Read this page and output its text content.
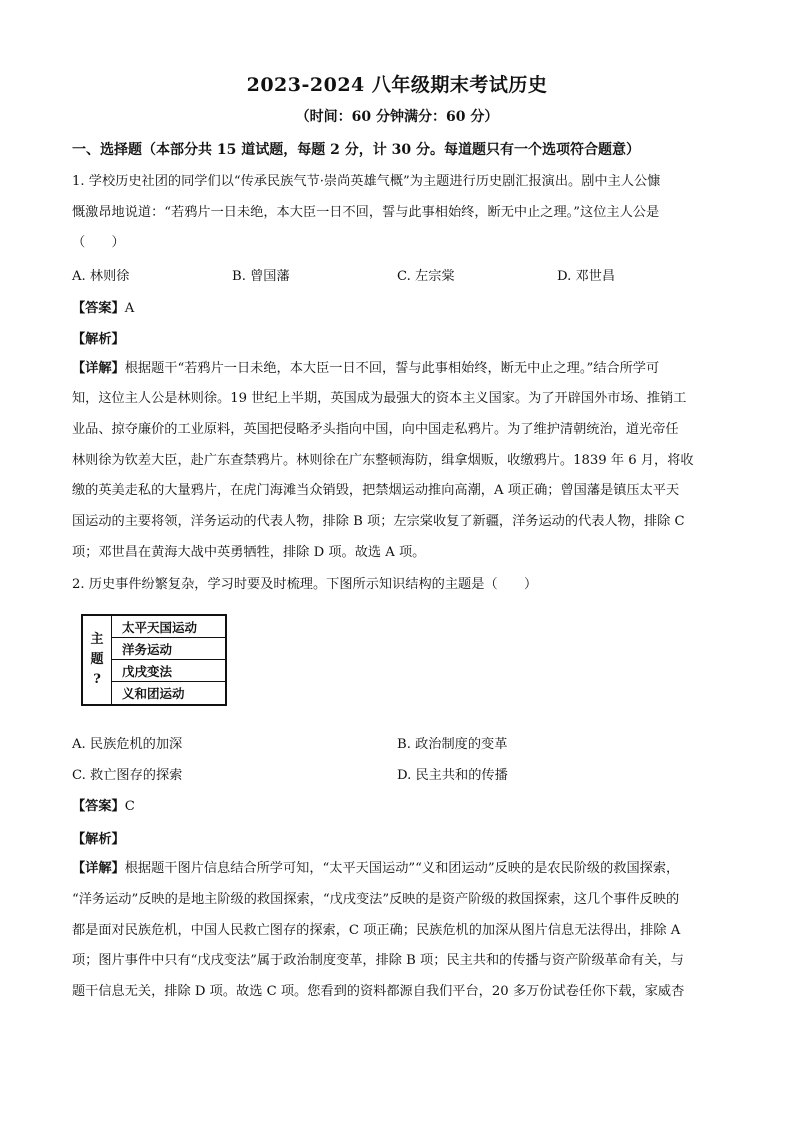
2023-2024 八年级期末考试历史
（时间：60 分钟满分：60 分）
一、选择题（本部分共 15 道试题，每题 2 分，计 30 分。每道题只有一个选项符合题意）
1. 学校历史社团的同学们以“传承民族气节·崇尚英雄气概”为主题进行历史剧汇报演出。剧中主人公慷
慨激昂地说道：“若鸦片一日未绝，本大臣一日不回，誓与此事相始终，断无中止之理。”这位主人公是
（　　）
A. 林则徐	B. 曾国藩	C. 左宗棠	D. 邓世昌
【答案】A
【解析】
【详解】根据题干“若鸦片一日未绝，本大臣一日不回，誓与此事相始终，断无中止之理。”结合所学可
知，这位主人公是林则徐。19 世纪上半期，英国成为最强大的资本主义国家。为了开辟国外市场、推销工
业品、掠夺廉价的工业原料，英国把侵略矛头指向中国，向中国走私鸦片。为了维护清朝统治，道光帝任
林则徐为钦差大臣，赴广东查禁鸦片。林则徐在广东整顿海防，缉拿烟贩，收缴鸦片。1839 年 6 月，将收
缴的英美走私的大量鸦片，在虎门海滩当众销毁，把禁烟运动推向高潮，A 项正确；曾国藩是镇压太平天
国运动的主要将领，洋务运动的代表人物，排除 B 项；左宗棠收复了新疆，洋务运动的代表人物，排除 C
项；邓世昌在黄海大战中英勇牺牲，排除 D 项。故选 A 项。
2. 历史事件纷繁复杂，学习时要及时梳理。下图所示知识结构的主题是（　　）
主
题
?
太平天国运动
洋务运动
戊戌变法
义和团运动
A. 民族危机的加深	B. 政治制度的变革
C. 救亡图存的探索	D. 民主共和的传播
【答案】C
【解析】
【详解】根据题干图片信息结合所学可知，“太平天国运动”“义和团运动”反映的是农民阶级的救国探索，
“洋务运动”反映的是地主阶级的救国探索，“戊戌变法”反映的是资产阶级的救国探索，这几个事件反映的
都是面对民族危机，中国人民救亡图存的探索，C 项正确；民族危机的加深从图片信息无法得出，排除 A
项；图片事件中只有“戊戌变法”属于政治制度变革，排除 B 项；民主共和的传播与资产阶级革命有关，与
题干信息无关，排除 D 项。故选 C 项。您看到的资料都源自我们平台，20 多万份试卷任你下载，家威杏
